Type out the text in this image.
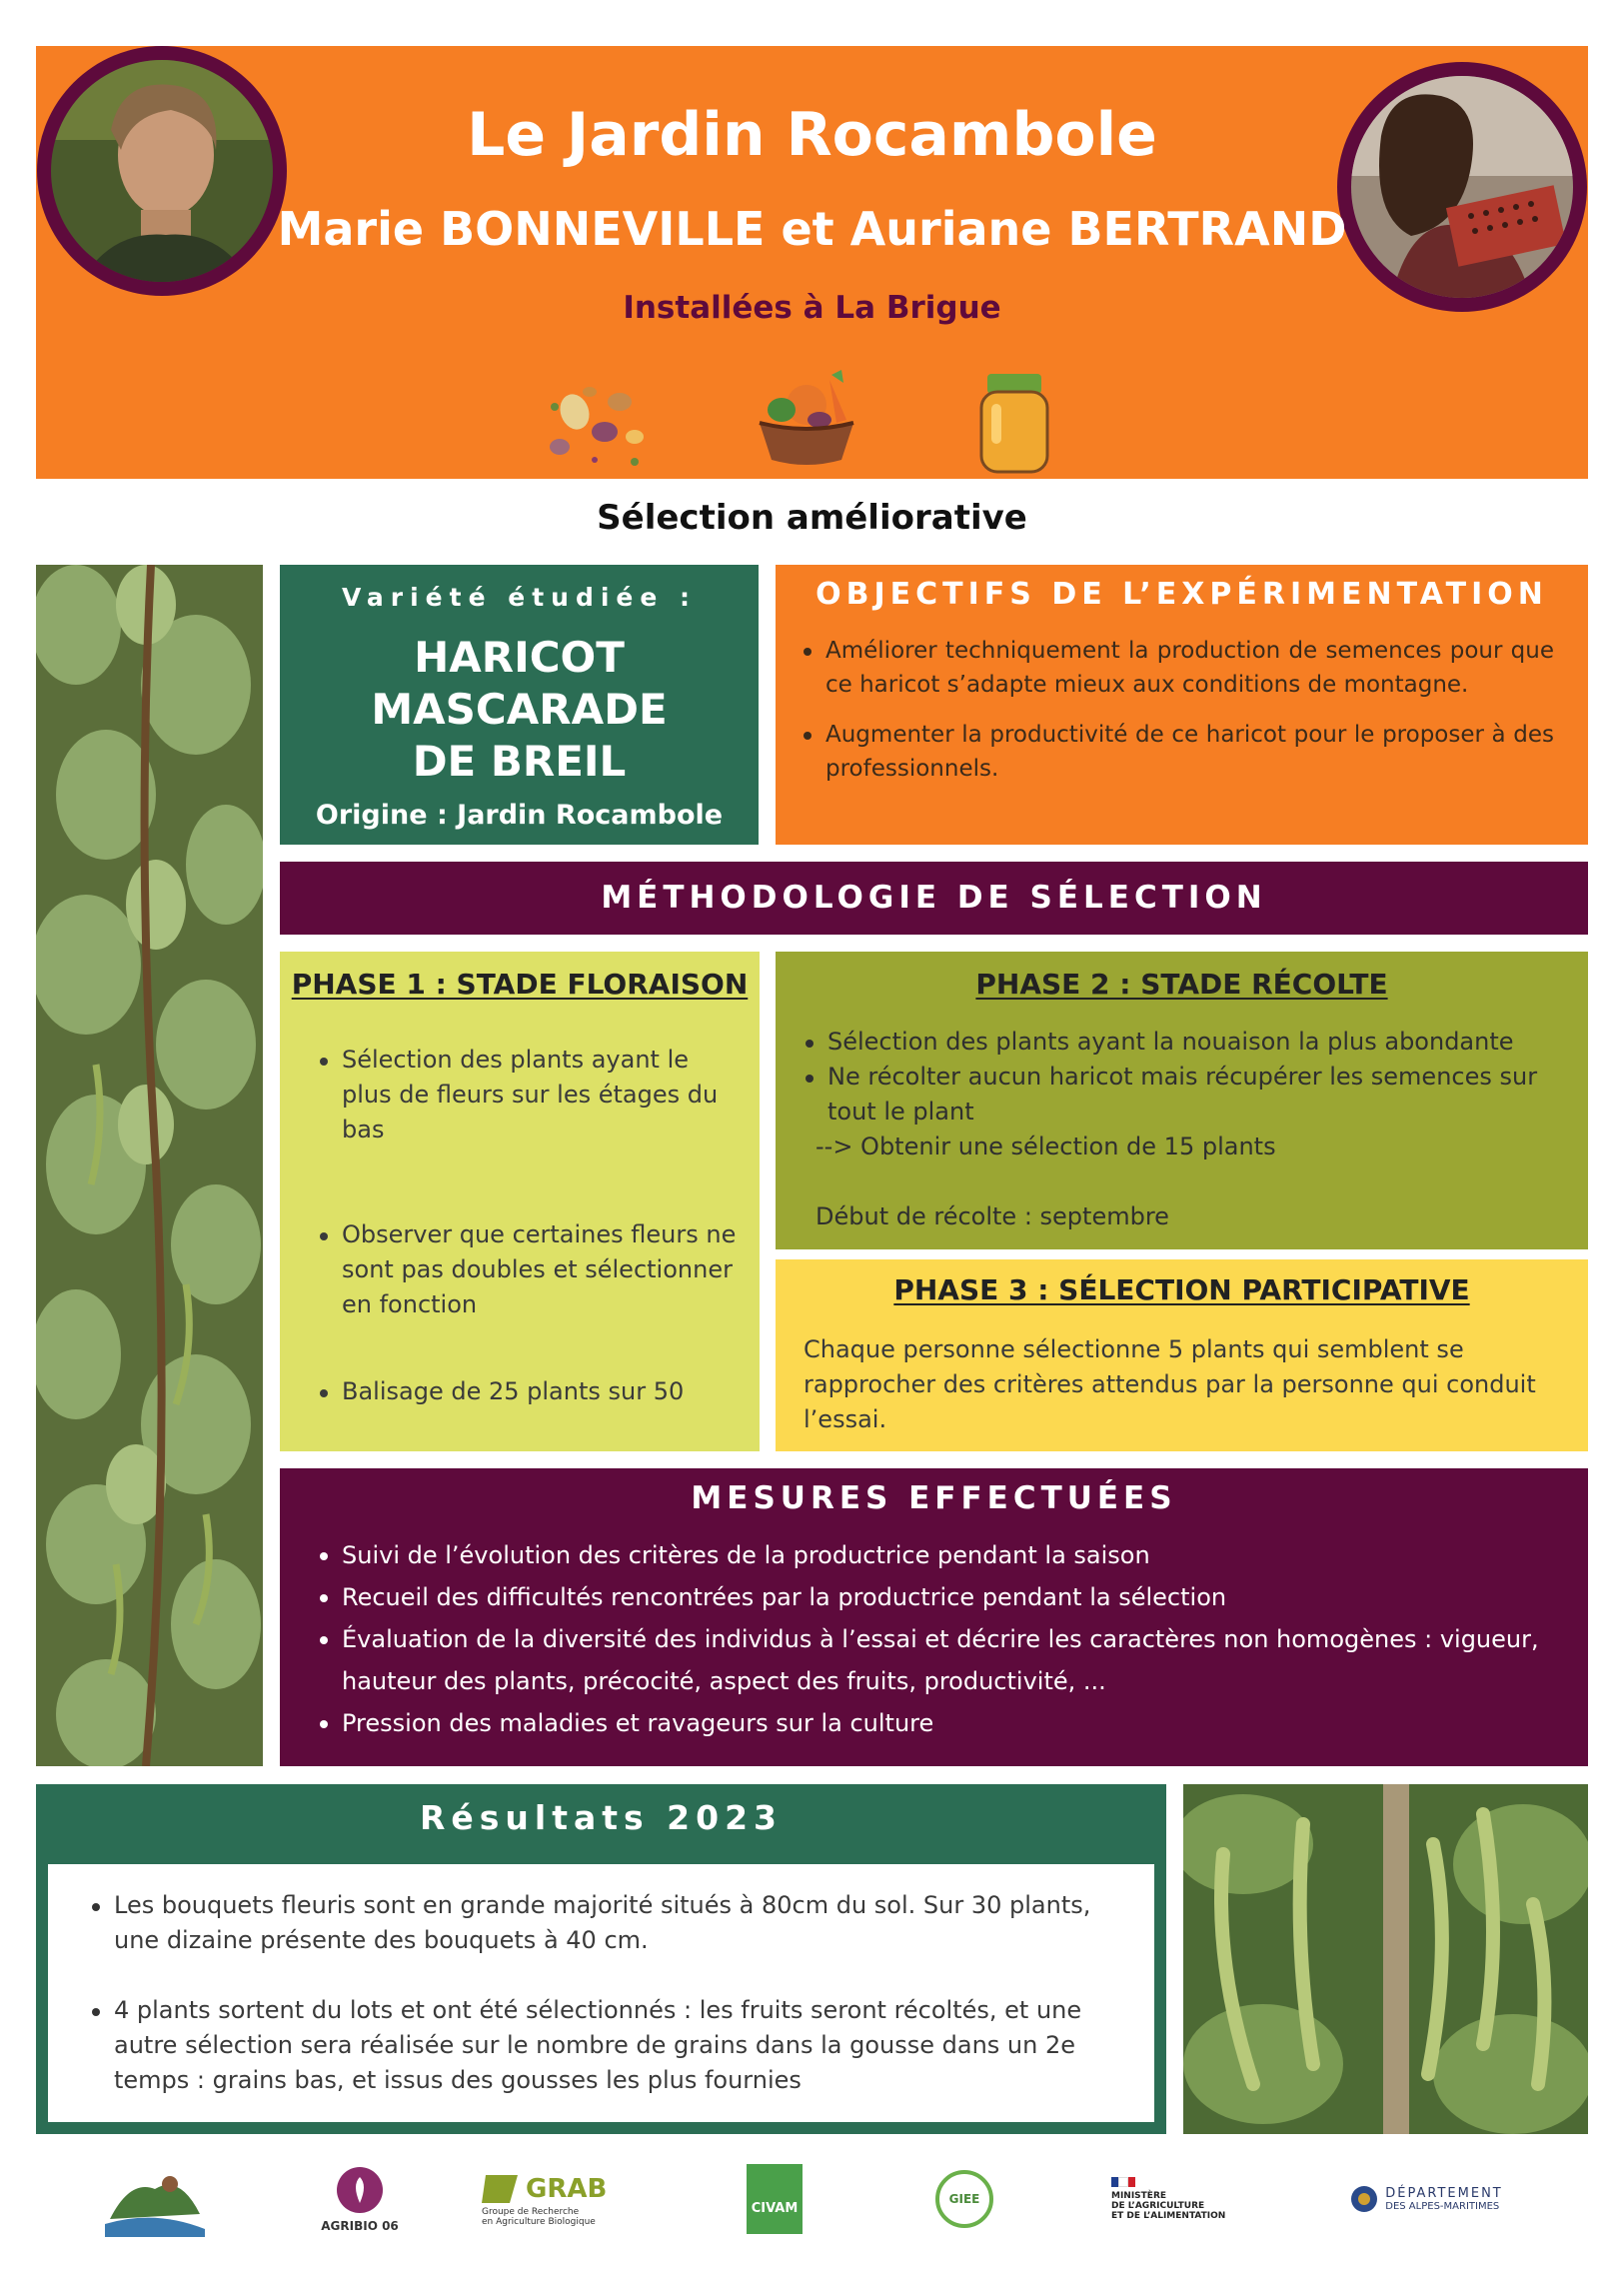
Le Jardin Rocambole
Marie BONNEVILLE et Auriane BERTRAND
Installées à La Brigue
Sélection améliorative
Variété étudiée :
HARICOT
MASCARADE
DE BREIL
Origine : Jardin Rocambole
OBJECTIFS DE L’EXPÉRIMENTATION
Améliorer techniquement la production de semences pour que ce haricot s’adapte mieux aux conditions de montagne.
Augmenter la productivité de ce haricot pour le proposer à des professionnels.
MÉTHODOLOGIE DE SÉLECTION
PHASE 1 : STADE FLORAISON
Sélection des plants ayant le plus de fleurs sur les étages du bas
Observer que certaines fleurs ne sont pas doubles et sélectionner en fonction
Balisage de 25 plants sur 50
PHASE 2 : STADE RÉCOLTE
Sélection des plants ayant la nouaison la plus abondante
Ne récolter aucun haricot mais récupérer les semences sur tout le plant
--> Obtenir une sélection de 15 plants
Début de récolte : septembre
PHASE 3 : SÉLECTION PARTICIPATIVE
Chaque personne sélectionne 5 plants qui semblent se rapprocher des critères attendus par la personne qui conduit l’essai.
MESURES EFFECTUÉES
Suivi de l’évolution des critères de la productrice pendant la saison
Recueil des difficultés rencontrées par la productrice pendant la sélection
Évaluation de la diversité des individus à l’essai et décrire les caractères non homogènes : vigueur, hauteur des plants, précocité, aspect des fruits, productivité, ...
Pression des maladies et ravageurs sur la culture
Résultats 2023
Les bouquets fleuris sont en grande majorité situés à 80cm du sol. Sur 30 plants, une dizaine présente des bouquets à 40 cm.
4 plants sortent du lots et ont été sélectionnés : les fruits seront récoltés, et une autre sélection sera réalisée sur le nombre de grains dans la gousse dans un 2e temps : grains bas, et issus des gousses les plus fournies
AGRIBIO 06
GRAB
Groupe de Recherche
en Agriculture Biologique
CIVAM
GIEE	MINISTÈRE
DE L’AGRICULTURE
ET DE L’ALIMENTATION
DÉPARTEMENT
DES ALPES-MARITIMES
